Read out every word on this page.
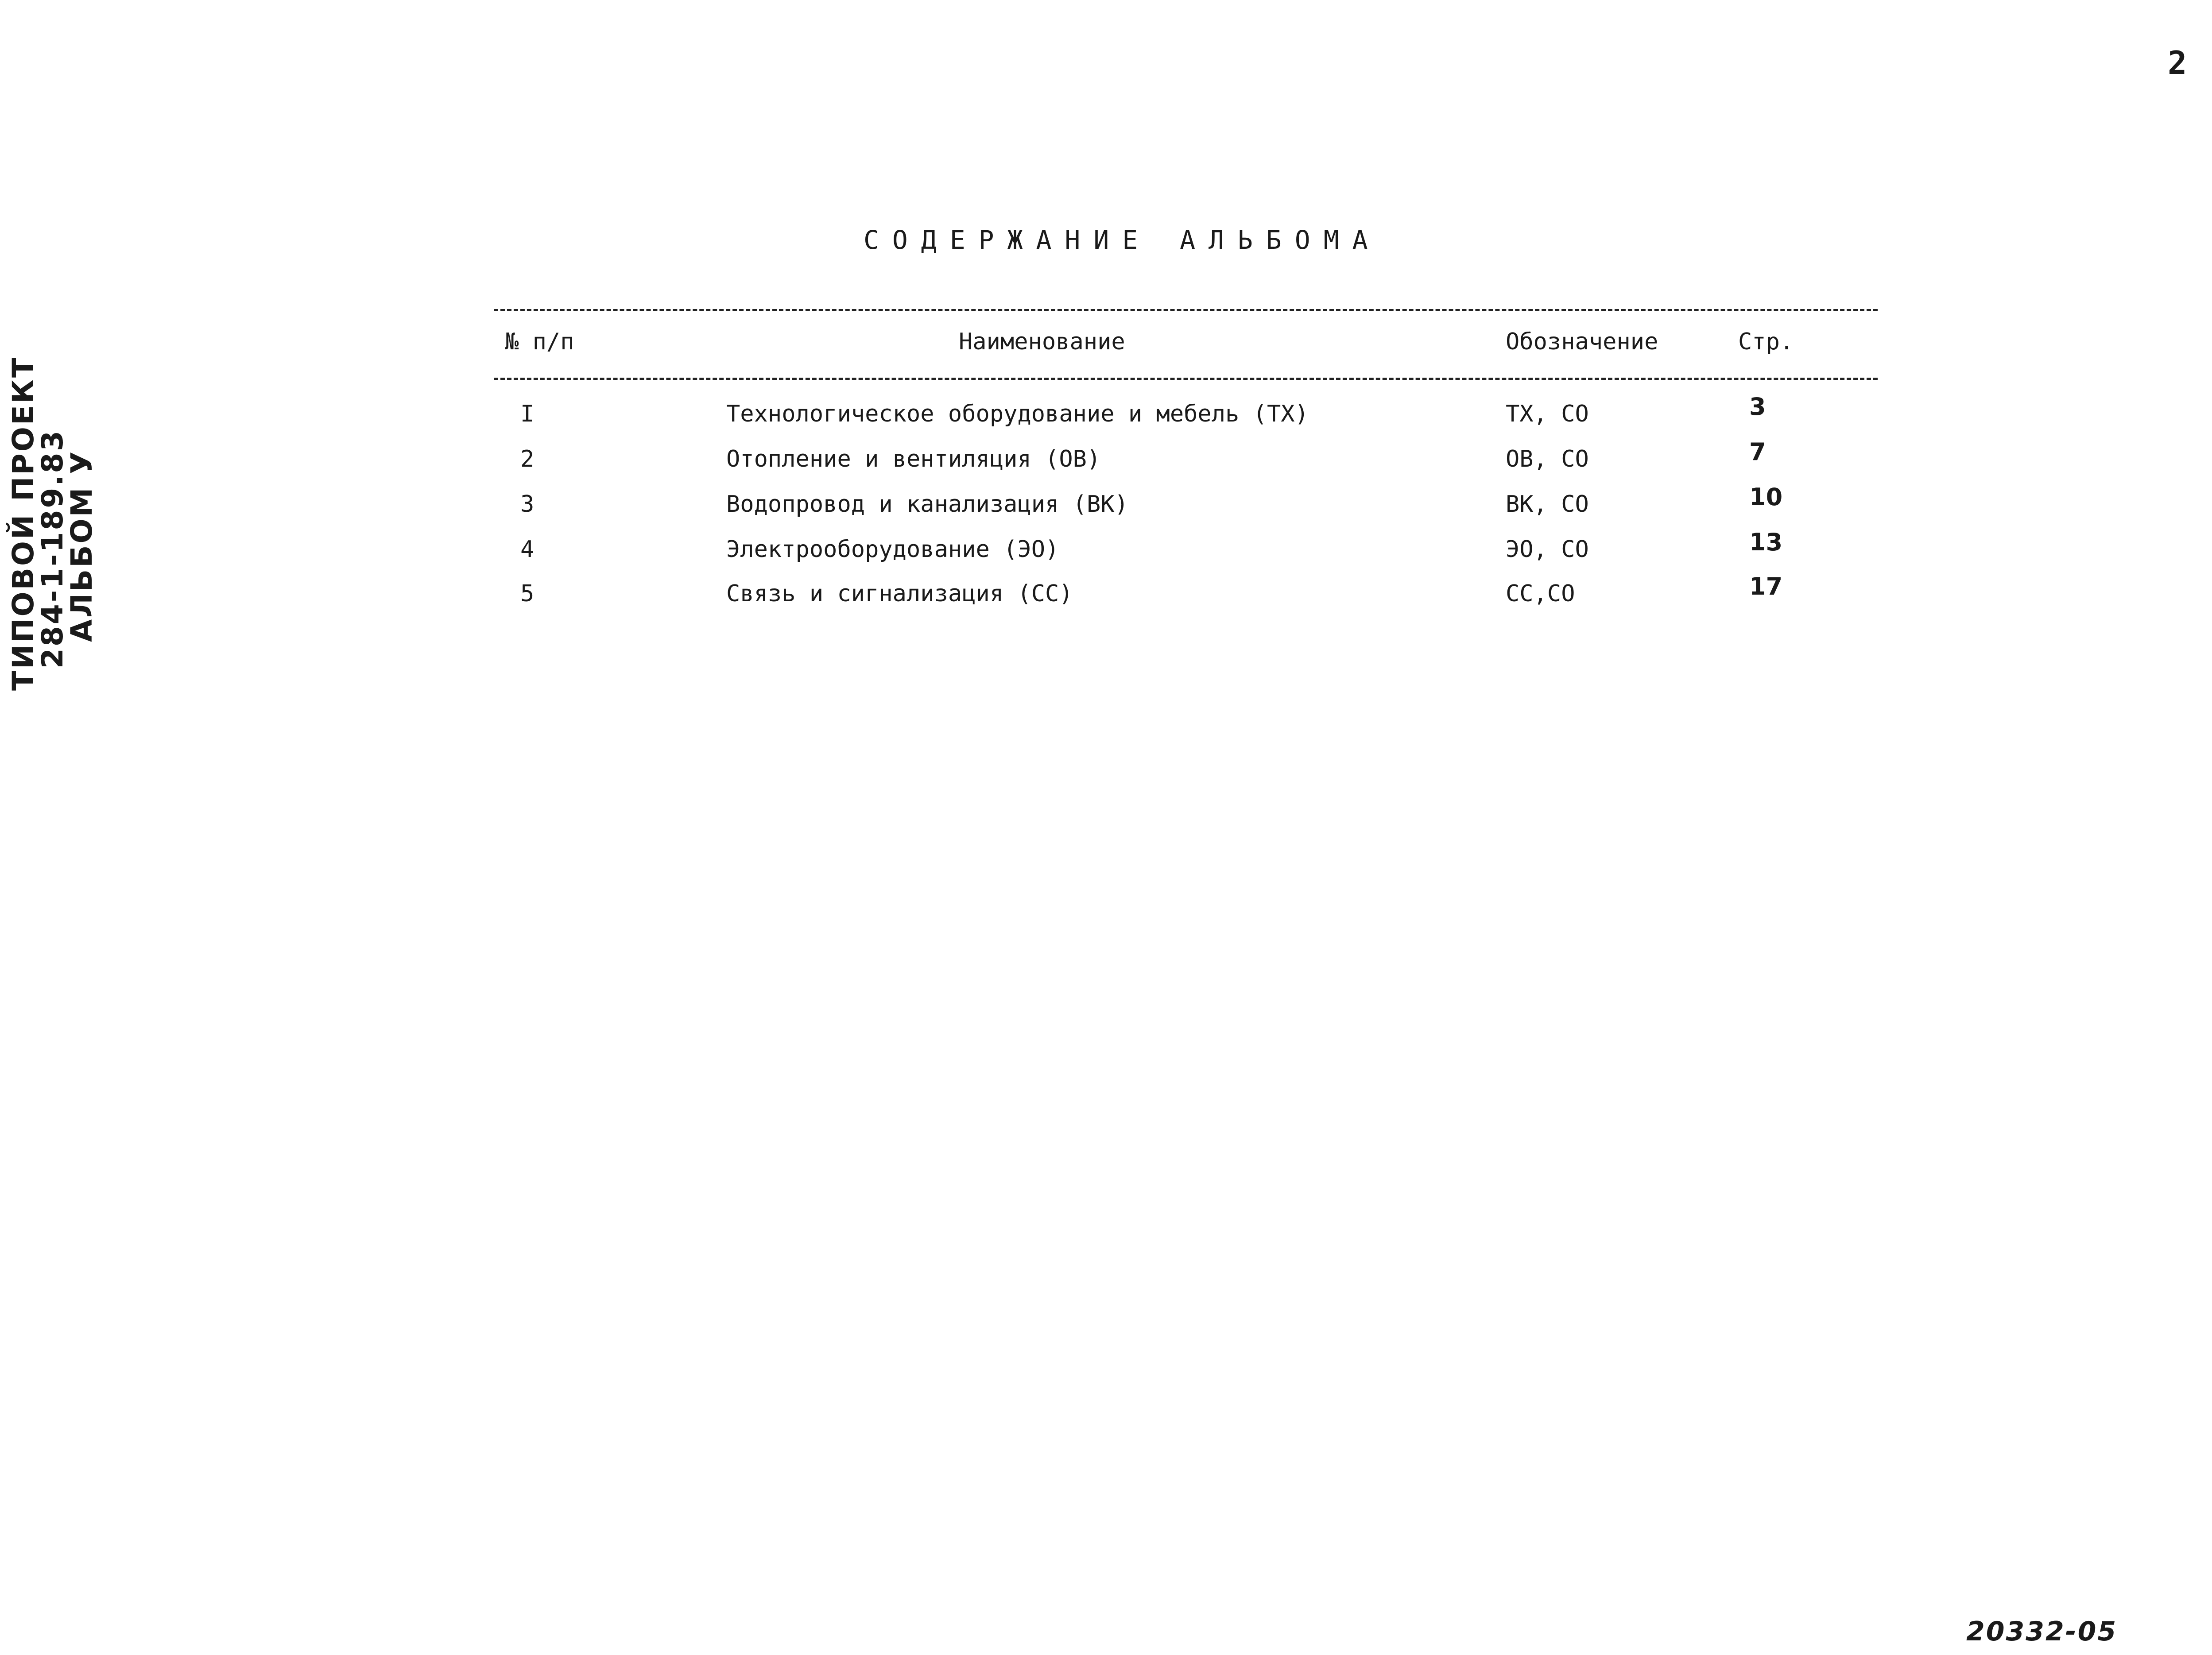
2
ТИПОВОЙ ПРОЕКТ
284-1-189.83
АЛЬБОМ У
СОДЕРЖАНИЕ АЛЬБОМА
№ п/п	Наименование	Обозначение	Стр.
I	Технологическое оборудование и мебель (ТХ)	ТХ, СО	3
2	Отопление и вентиляция (ОВ)	ОВ, СО	7
3	Водопровод и канализация (ВК)	ВК, СО	10
4	Электрооборудование (ЭО)	ЭО, СО	13
5	Связь и сигнализация (СС)	СС,СО	17
20332-05
